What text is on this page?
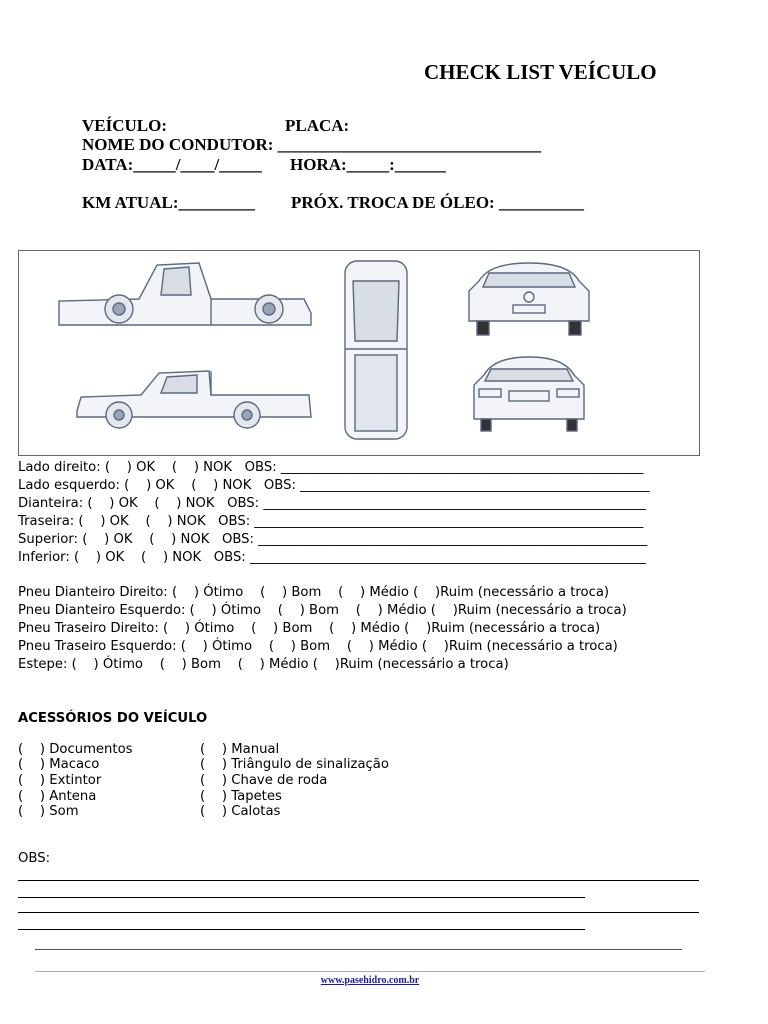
CHECK LIST VEÍCULO
VEÍCULO:	PLACA:
NOME DO CONDUTOR: _______________________________
DATA:_____/____/_____ HORA:_____:______
KM ATUAL:_________ PRÓX. TROCA DE ÓLEO: __________
Lado direito: (    ) OK    (    ) NOK   OBS: _______________________________________________________
Lado esquerdo: (    ) OK    (    ) NOK   OBS: _____________________________________________________
Dianteira: (    ) OK    (    ) NOK   OBS: __________________________________________________________
Traseira: (    ) OK    (    ) NOK   OBS: ___________________________________________________________
Superior: (    ) OK    (    ) NOK   OBS: ___________________________________________________________
Inferior: (    ) OK    (    ) NOK   OBS: ____________________________________________________________
Pneu Dianteiro Direito: (    ) Ótimo    (    ) Bom    (    ) Médio (    )Ruim (necessário a troca)
Pneu Dianteiro Esquerdo: (    ) Ótimo    (    ) Bom    (    ) Médio (    )Ruim (necessário a troca)
Pneu Traseiro Direito: (    ) Ótimo    (    ) Bom    (    ) Médio (    )Ruim (necessário a troca)
Pneu Traseiro Esquerdo: (    ) Ótimo    (    ) Bom    (    ) Médio (    )Ruim (necessário a troca)
Estepe: (    ) Ótimo    (    ) Bom    (    ) Médio (    )Ruim (necessário a troca)
ACESSÓRIOS DO VEÍCULO
(    ) Documentos
(    ) Macaco
(    ) Extintor
(    ) Antena
(    ) Som
(    ) Manual
(    ) Triângulo de sinalização
(    ) Chave de roda
(    ) Tapetes
(    ) Calotas
OBS:
www.pasehidro.com.br
